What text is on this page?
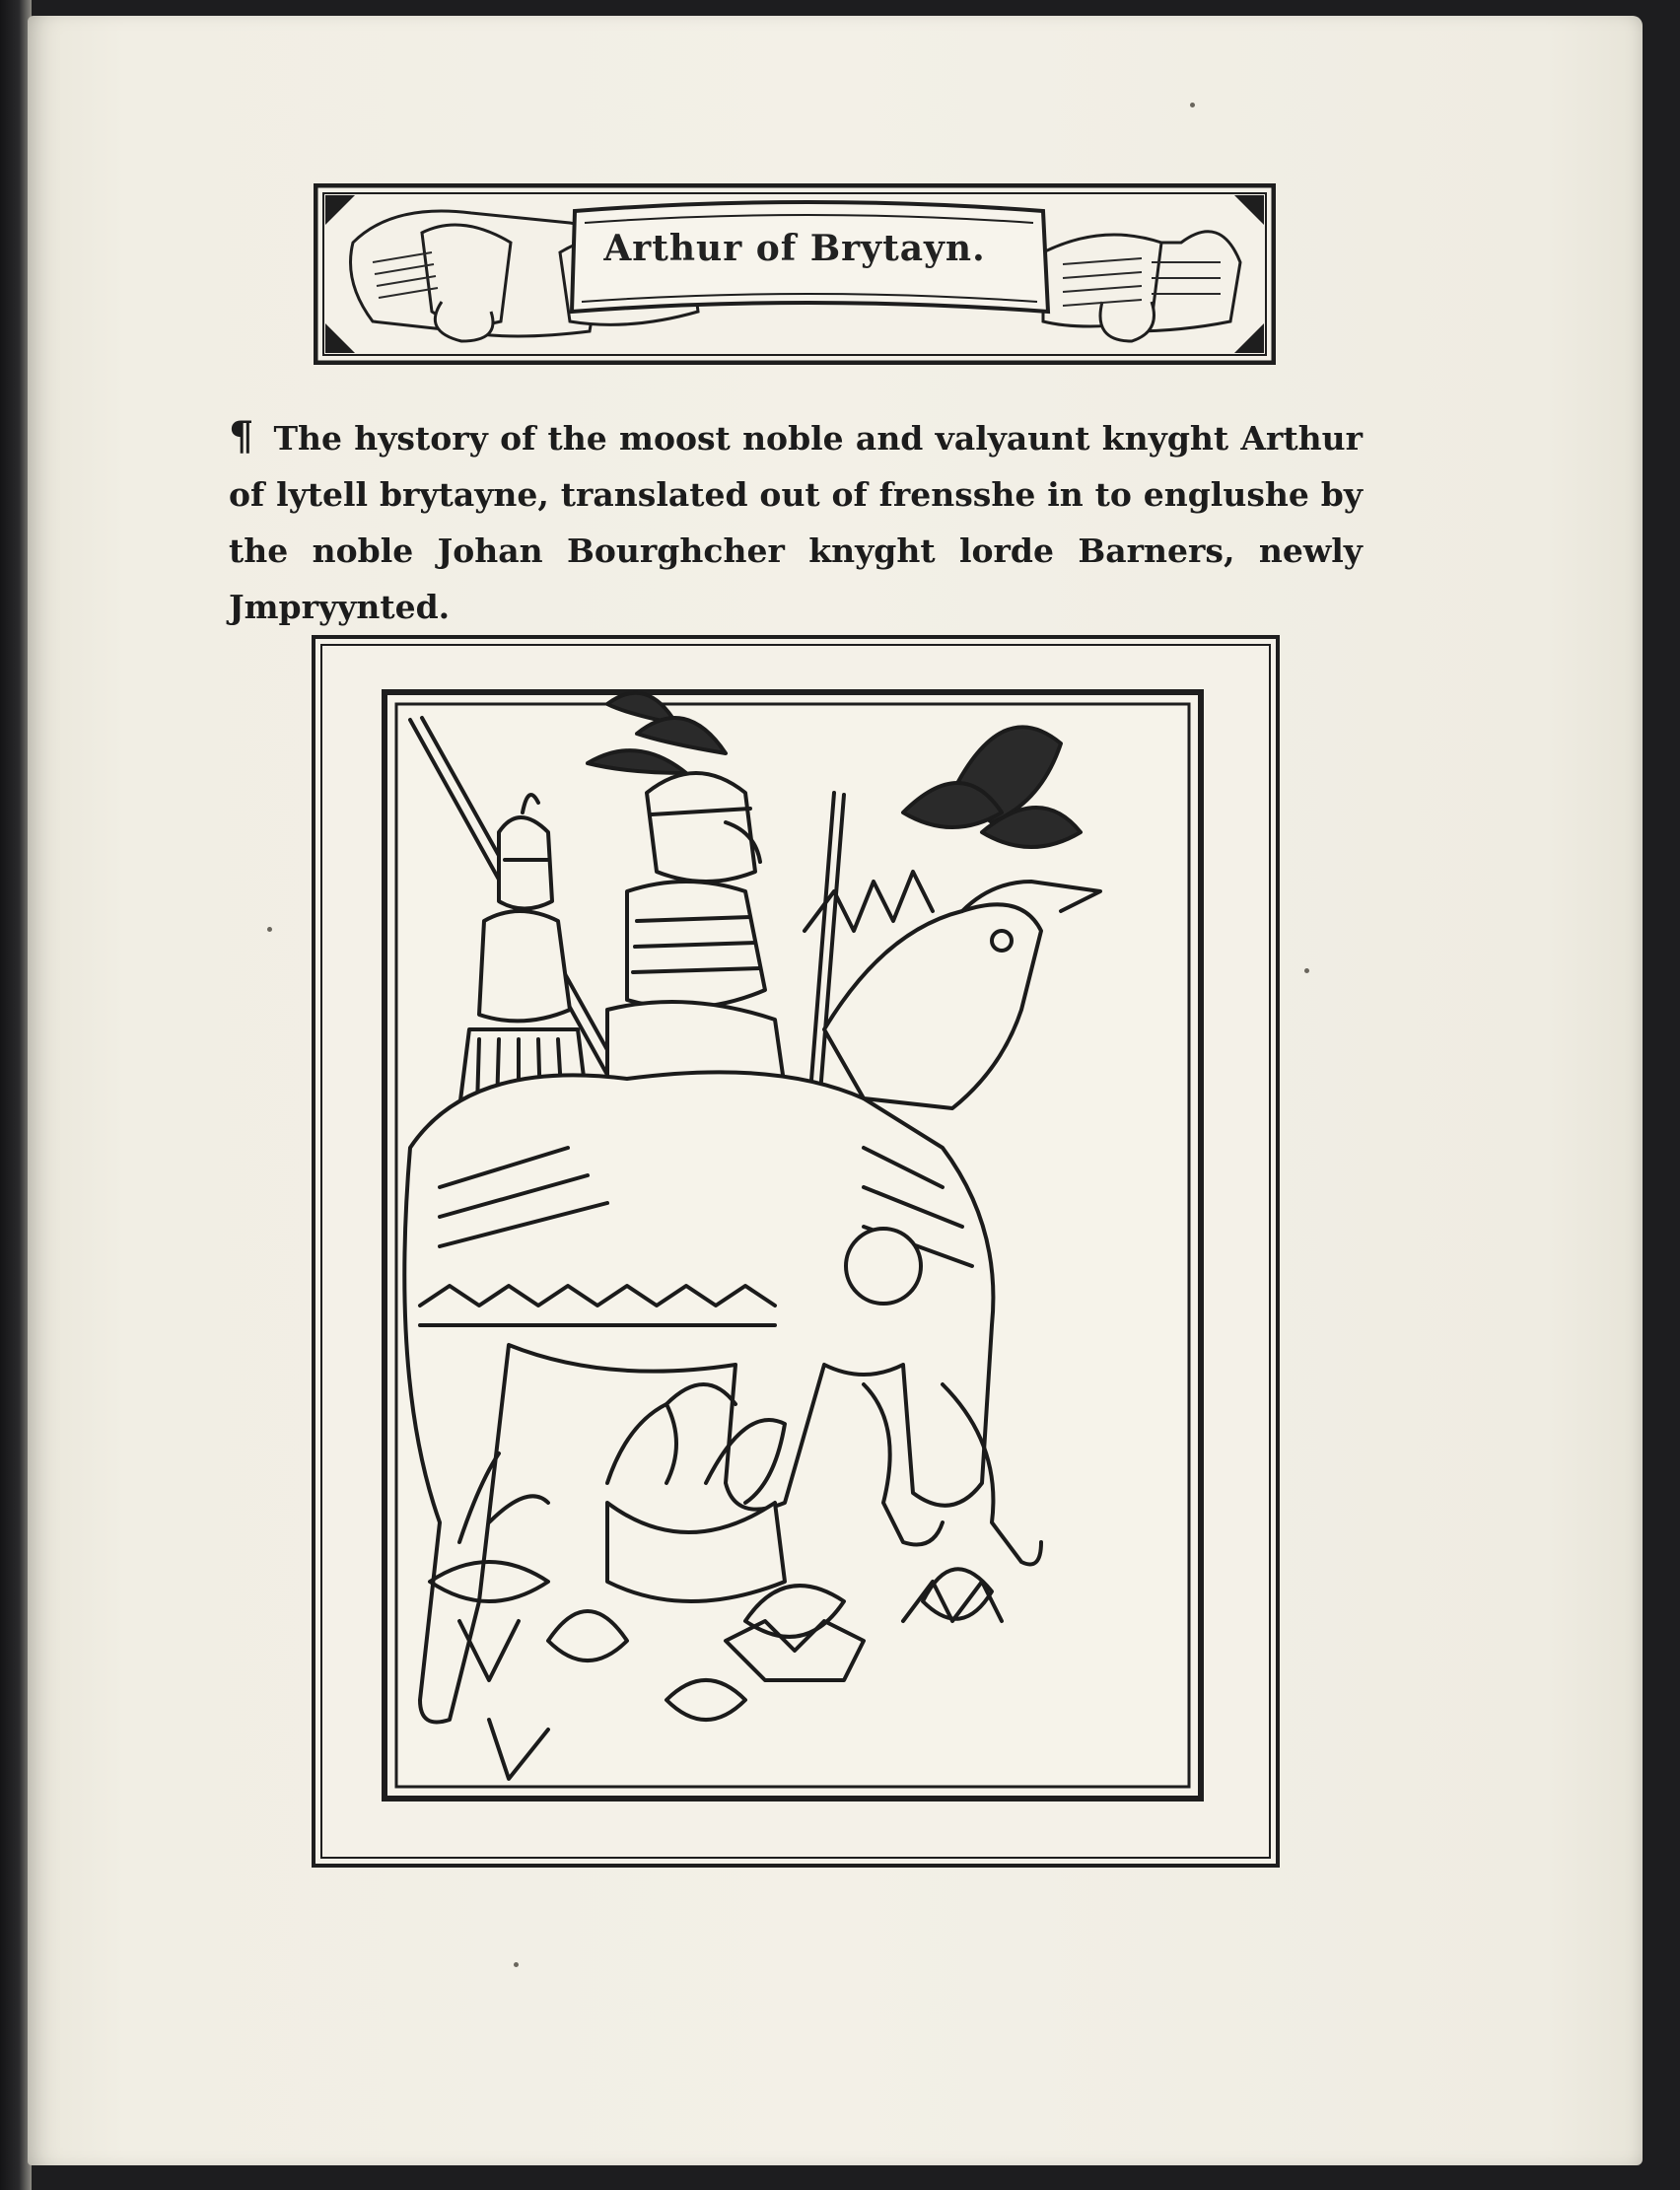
Arthur of Brytayn.
¶ The hystory of the moost noble and valyaunt knyght Arthur of lytell brytayne, translated out of frensshe in to englushe by the noble Johan Bourghcher knyght lorde Barners, newly Jmpryynted.
